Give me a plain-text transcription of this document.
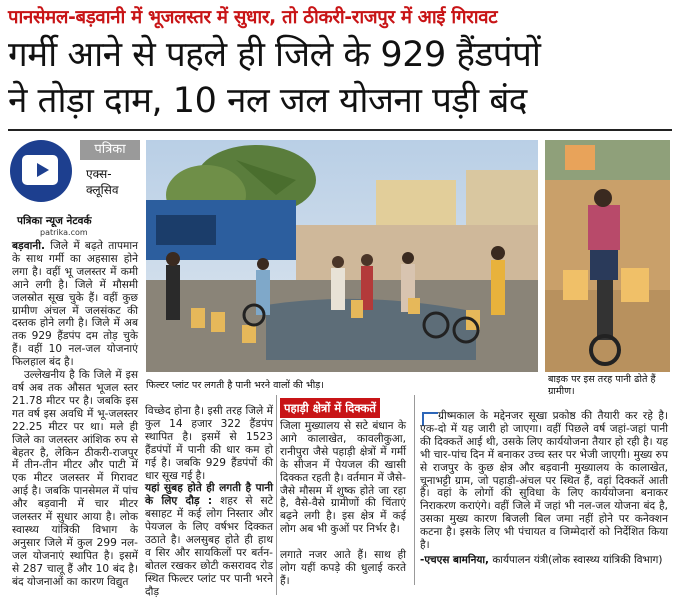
पानसेमल-बड़वानी में भूजलस्तर में सुधार, तो ठीकरी-राजपुर में आई गिरावट
गर्मी आने से पहले ही जिले के 929 हैंडपंपों
ने तोड़ा दाम, 10 नल जल योजना पड़ी बंद
पत्रिका
एक्स-
क्लूसिव
पत्रिका न्यूज नेटवर्क
patrika.com
बड़वानी. जिले में बढ़ते तापमान के साथ गर्मी का अहसास होने लगा है। वहीं भू जलस्तर में कमी आने लगी है। जिले में मौसमी जलस्रोत सूख चुके हैं। वहीं कुछ ग्रामीण अंचल में जलसंकट की दस्तक होने लगी है। जिले में अब तक 929 हैंडपंप दम तोड़ चुके हैं। वहीं 10 नल-जल योजनाएं फिलहाल बंद है।
उल्लेखनीय है कि जिले में इस वर्ष अब तक औसत भूजल स्तर 21.78 मीटर पर है। जबकि इस गत वर्ष इस अवधि में भू-जलस्तर 22.25 मीटर पर था। मले ही जिले का जलस्तर आंशिक रुप से बेहतर है, लेकिन ठीकरी-राजपुर में तीन-तीन मीटर और पाटी में एक मीटर जलस्तर में गिरावट आई है। जबकि पानसेमल में पांच और बड़वानी में चार मीटर जलस्तर में सुधार आया है। लोक स्वास्थ्य यांत्रिकी विभाग के अनुसार जिले में कुल 299 नल-जल योजनाएं स्थापित है। इसमें से 287 चालू हैं और 10 बंद है। बंद योजनाओं का कारण विद्युत
फिल्टर प्लांट पर लगती है पानी भरने वालों की भीड़।
बाइक पर इस तरह पानी ढोते हैं ग्रामीण।
विच्छेद होना है। इसी तरह जिले में कुल 14 हजार 322 हैंडपंप स्थापित है। इसमें से 1523 हैंडपंपों में पानी की धार कम हो गई है। जबकि 929 हैंडपंपों की धार सूख गई है।
यहां सुबह होते ही लगती है पानी के लिए दौड़ : शहर से सटे बसाहट में कई लोग निस्तार और पेयजल के लिए वर्षभर दिक्कत उठाते है। अलसुबह होते ही हाथ व सिर और सायकिलों पर बर्तन-बोतल रखकर छोटी कसरावद रोड स्थित फिल्टर प्लांट पर पानी भरने दौड़
पहाड़ी क्षेत्रों में दिक्कतें
जिला मुख्यालय से सटे बंधान के आगे कालाखेत, कावलीकुआ, रानीपुरा जैसे पहाड़ी क्षेत्रों में गर्मी के सीजन में पेयजल की खासी दिक्कत रहती है। वर्तमान में जैसे-जैसे मौसम में शुष्क होते जा रहा है, वैसे-वैसे ग्रामीणों की चिंताएं बढ़ने लगी है। इस क्षेत्र में कई लोग अब भी कुओं पर निर्भर है।

लगाते नजर आते हैं। साथ ही लोग यहीं कपड़े की धुलाई करते हैं।
ग्रीष्मकाल के मद्देनजर सूखा प्रकोष्ठ की तैयारी कर रहे है। एक-दो में यह जारी हो जाएगा। वहीं पिछले वर्ष जहां-जहां पानी की दिक्कतें आई थी, उसके लिए कार्ययोजना तैयार हो रही है। यह भी चार-पांच दिन में बनाकर उच्च स्तर पर भेजी जाएगी। मुख्य रुप से राजपुर के कुछ क्षेत्र और बड़वानी मुख्यालय के कालाखेत, चूनाभट्टी ग्राम, जो पहाड़ी-अंचल पर स्थित हैं, वहां दिक्कतें आती है। वहां के लोगों की सुविधा के लिए कार्ययोजना बनाकर निराकरण कराएंगे। वहीं जिले में जहां भी नल-जल योजना बंद है, उसका मुख्य कारण बिजली बिल जमा नहीं होने पर कनेक्शन कटना है। इसके लिए भी पंचायत व जिम्मेदारों को निर्देशित किया है।
-एचएस बामनिया, कार्यपालन यंत्री(लोक स्वास्थ्य यांत्रिकी विभाग)
